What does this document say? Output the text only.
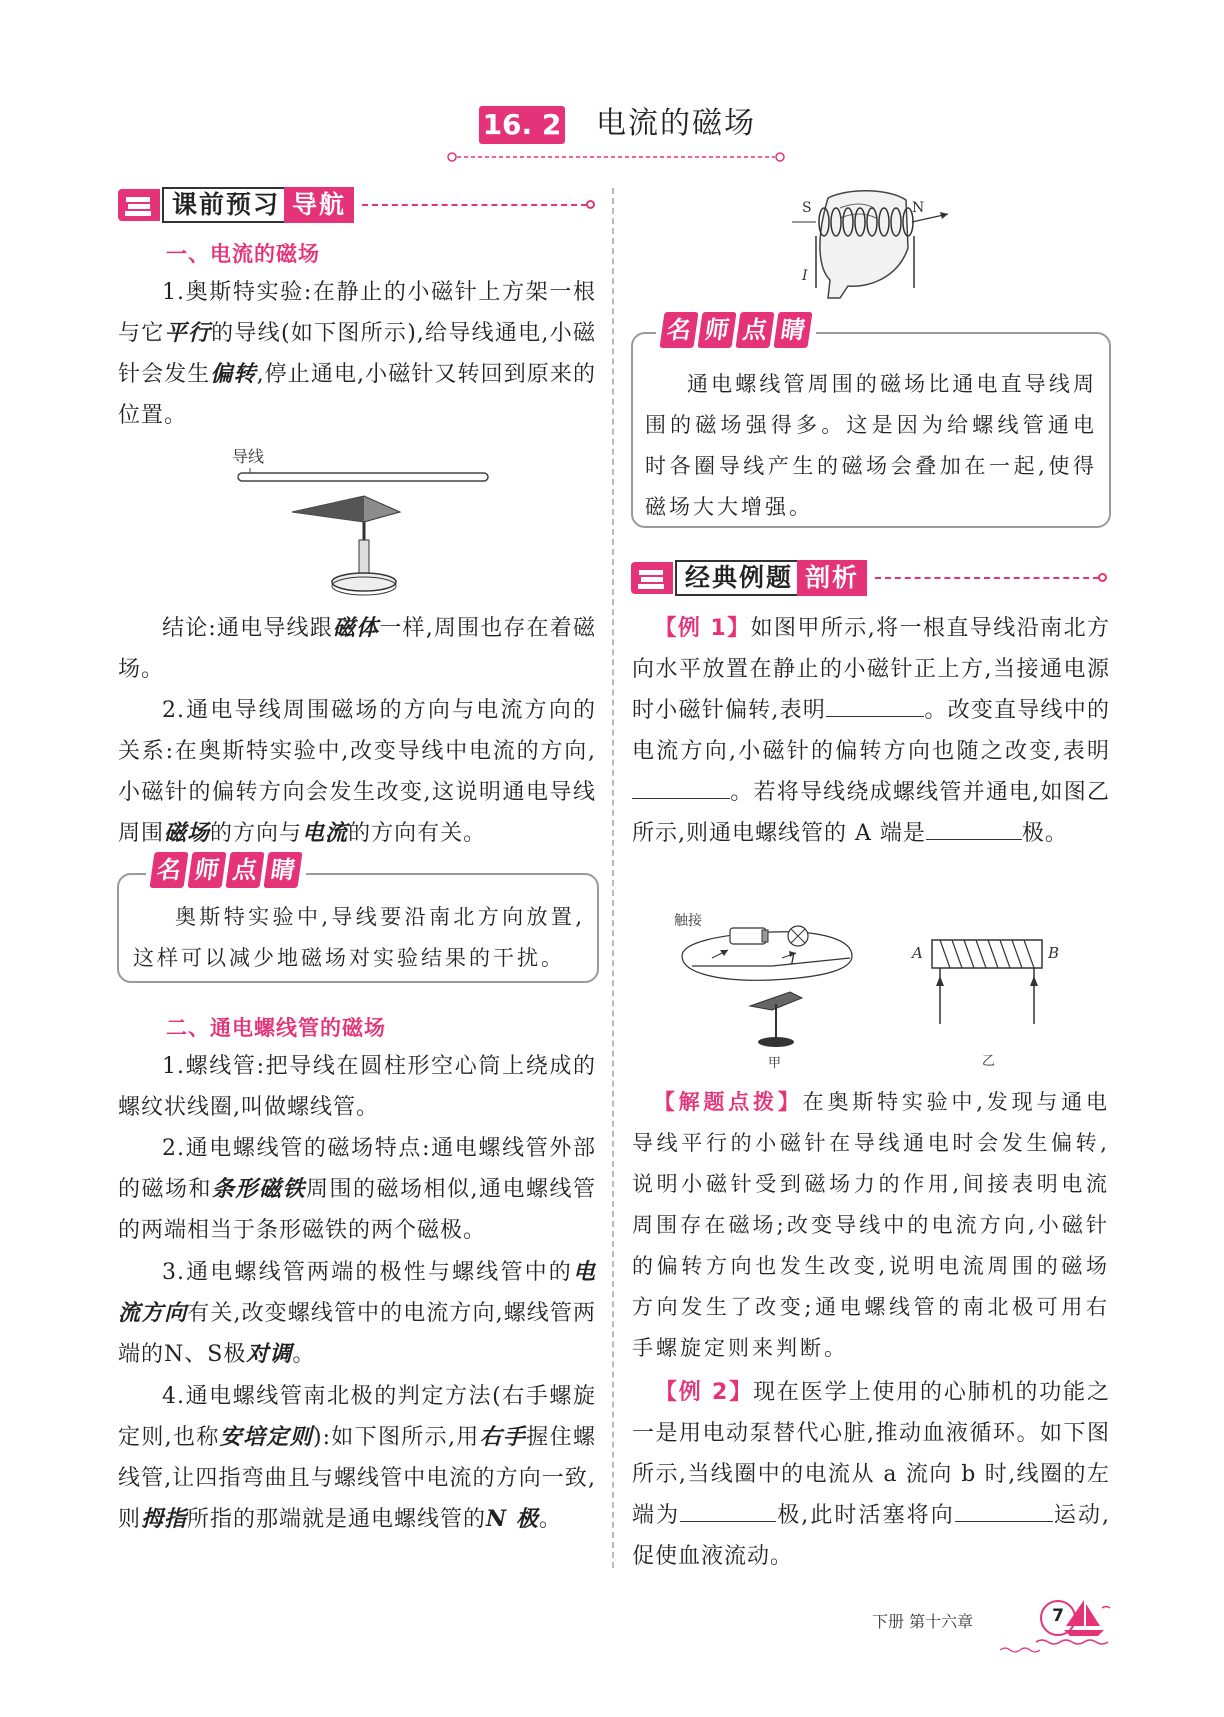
16. 2 电流的磁场
课前预习 导航
一、电流的磁场
1.奥斯特实验:在静止的小磁针上方架一根与它平行的导线(如下图所示),给导线通电,小磁针会发生偏转,停止通电,小磁针又转回到原来的位置。
导线
结论:通电导线跟磁体一样,周围也存在着磁场。
2.通电导线周围磁场的方向与电流方向的关系:在奥斯特实验中,改变导线中电流的方向,小磁针的偏转方向会发生改变,这说明通电导线周围磁场的方向与电流的方向有关。
奥斯特实验中,导线要沿南北方向放置,这样可以减少地磁场对实验结果的干扰。
名 师 点 睛
二、通电螺线管的磁场
1.螺线管:把导线在圆柱形空心筒上绕成的螺纹状线圈,叫做螺线管。
2.通电螺线管的磁场特点:通电螺线管外部的磁场和条形磁铁周围的磁场相似,通电螺线管的两端相当于条形磁铁的两个磁极。
3.通电螺线管两端的极性与螺线管中的电流方向有关,改变螺线管中的电流方向,螺线管两端的N、S极对调。
4.通电螺线管南北极的判定方法(右手螺旋定则,也称安培定则):如下图所示,用右手握住螺线管,让四指弯曲且与螺线管中电流的方向一致,则拇指所指的那端就是通电螺线管的N 极。
S	N
I
通电螺线管周围的磁场比通电直导线周围的磁场强得多。这是因为给螺线管通电时各圈导线产生的磁场会叠加在一起,使得磁场大大增强。
名 师 点 睛
经典例题 剖析
【例 1】如图甲所示,将一根直导线沿南北方向水平放置在静止的小磁针正上方,当接通电源时小磁针偏转,表明	。改变直导线中的电流方向,小磁针的偏转方向也随之改变,表明。若将导线绕成螺线管并通电,如图乙所示,则通电螺线管的 A 端是	极。
触接
I
甲
A	B
乙
【解题点拨】在奥斯特实验中,发现与通电导线平行的小磁针在导线通电时会发生偏转,说明小磁针受到磁场力的作用,间接表明电流周围存在磁场;改变导线中的电流方向,小磁针的偏转方向也发生改变,说明电流周围的磁场方向发生了改变;通电螺线管的南北极可用右手螺旋定则来判断。
【例 2】现在医学上使用的心肺机的功能之一是用电动泵替代心脏,推动血液循环。如下图所示,当线圈中的电流从 a 流向 b 时,线圈的左端为	极,此时活塞将向	运动,促使血液流动。
下册 第十六章	7
